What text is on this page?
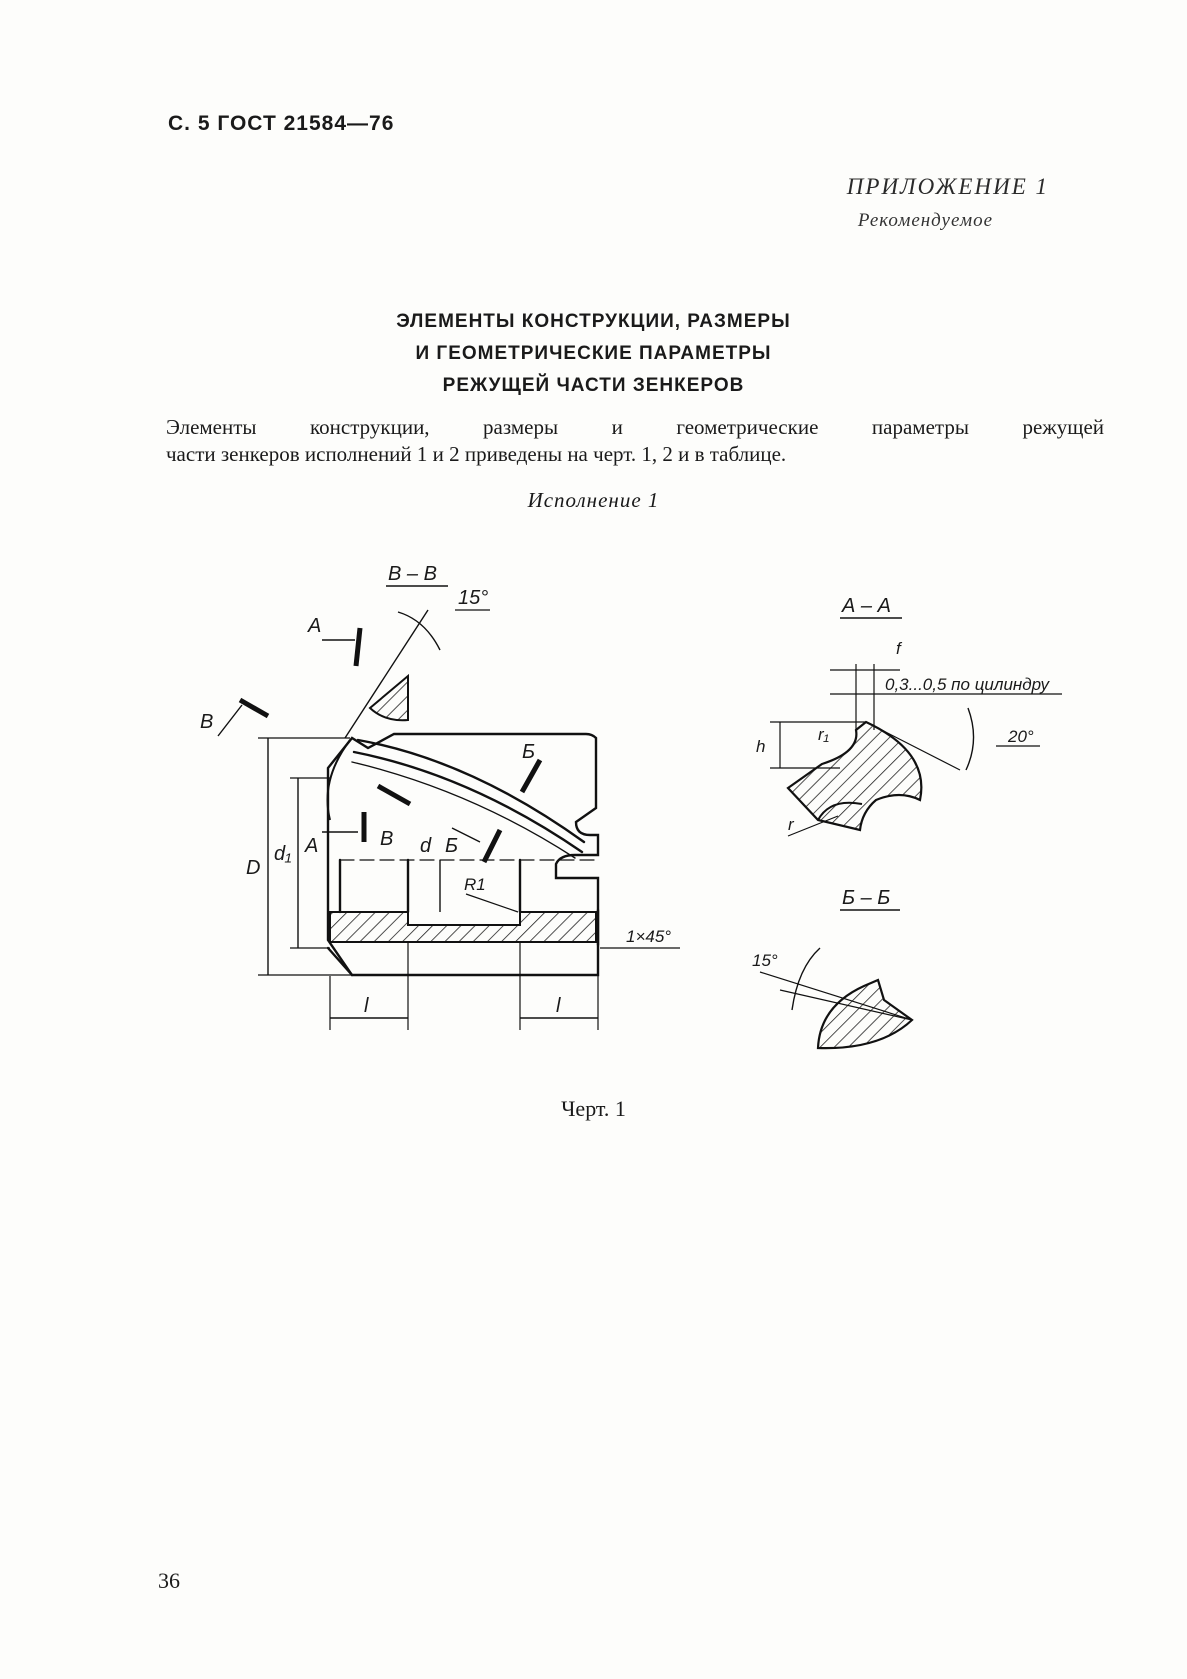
С. 5 ГОСТ 21584—76
ПРИЛОЖЕНИЕ 1
Рекомендуемое
ЭЛЕМЕНТЫ КОНСТРУКЦИИ, РАЗМЕРЫ
И ГЕОМЕТРИЧЕСКИЕ ПАРАМЕТРЫ
РЕЖУЩЕЙ ЧАСТИ ЗЕНКЕРОВ
Элементы конструкции, размеры и геометрические параметры режущей
части зенкеров исполнений 1 и 2 приведены на черт. 1, 2 и в таблице.
Исполнение 1
В – В
15°
А
В
Б
А	В	Б
D
d₁	d
R1
1×45°
l	l
А – А
f
0,3...0,5 по цилиндру
h
r₁	20°
r
Б – Б
15°
Черт. 1
36
